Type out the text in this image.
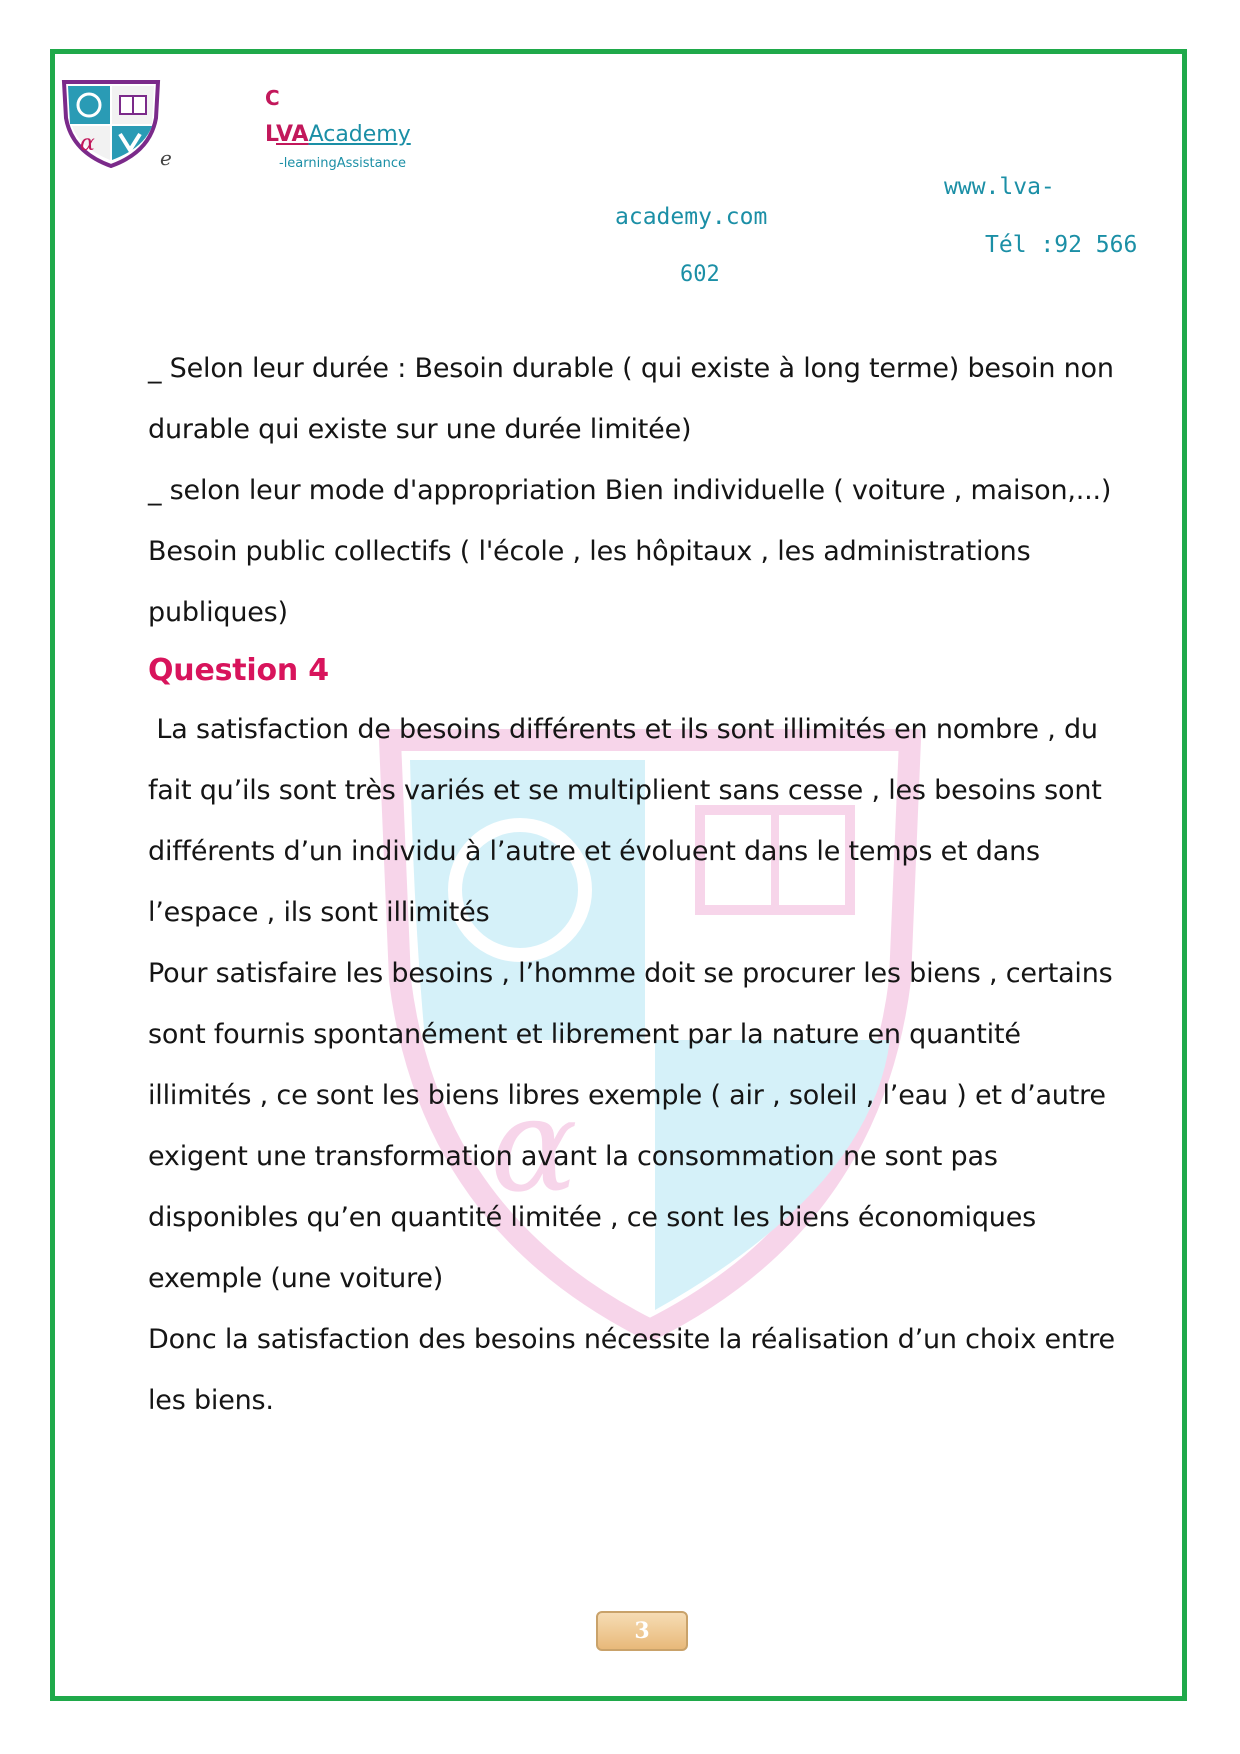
α
e
C
LVAAcademy
-learningAssistance
www.lva-
academy.com
Tél :92 566
602
α

_ Selon leur durée : Besoin durable ( qui existe à long terme) besoin non

durable qui existe sur une durée limitée)

_ selon leur mode d'appropriation Bien individuelle ( voiture , maison,...)

Besoin public collectifs ( l'école , les hôpitaux , les administrations

publiques)

Question 4

La satisfaction de besoins différents et ils sont illimités en nombre , du

fait qu’ils sont très variés et se multiplient sans cesse , les besoins sont

différents d’un individu à l’autre et évoluent dans le temps et dans

l’espace , ils sont illimités

Pour satisfaire les besoins , l’homme doit se procurer les biens , certains

sont fournis spontanément et librement par la nature en quantité

illimités , ce sont les biens libres exemple ( air , soleil , l’eau ) et d’autre

exigent une transformation avant la consommation ne sont pas

disponibles qu’en quantité limitée , ce sont les biens économiques

exemple (une voiture)

Donc la satisfaction des besoins nécessite la réalisation d’un choix entre

les biens.

3
